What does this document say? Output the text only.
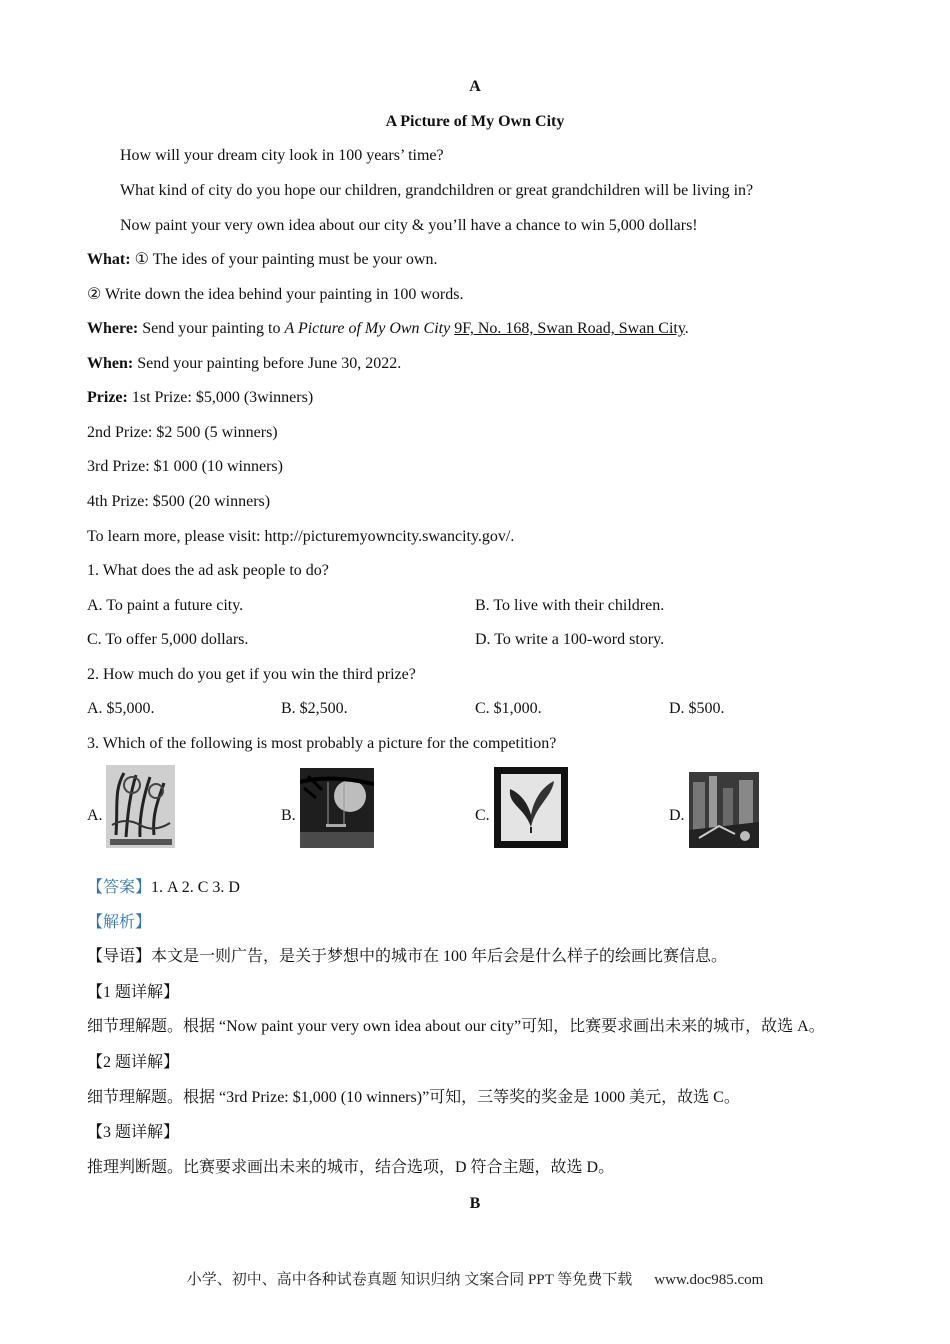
A
A Picture of My Own City
How will your dream city look in 100 years’ time?
What kind of city do you hope our children, grandchildren or great grandchildren will be living in?
Now paint your very own idea about our city & you’ll have a chance to win 5,000 dollars!
What: ① The ides of your painting must be your own.
② Write down the idea behind your painting in 100 words.
Where: Send your painting to A Picture of My Own City 9F, No. 168, Swan Road, Swan City.
When: Send your painting before June 30, 2022.
Prize: 1st Prize: $5,000 (3winners)
2nd Prize: $2 500 (5 winners)
3rd Prize: $1 000 (10 winners)
4th Prize: $500 (20 winners)
To learn more, please visit: http://picturemyowncity.swancity.gov/.
1. What does the ad ask people to do?
A. To paint a future city.	B. To live with their children.
C. To offer 5,000 dollars.	D. To write a 100-word story.
2. How much do you get if you win the third prize?
A. $5,000.	B. $2,500.	C. $1,000.	D. $500.
3. Which of the following is most probably a picture for the competition?
A.	B.	C.	D.
【答案】1. A 2. C 3. D
【解析】
【导语】本文是一则广告，是关于梦想中的城市在 100 年后会是什么样子的绘画比赛信息。
【1 题详解】
细节理解题。根据 “Now paint your very own idea about our city”可知，比赛要求画出未来的城市，故选 A。
【2 题详解】
细节理解题。根据 “3rd Prize: $1,000 (10 winners)”可知，三等奖的奖金是 1000 美元，故选 C。
【3 题详解】
推理判断题。比赛要求画出未来的城市，结合选项，D 符合主题，故选 D。
B
小学、初中、高中各种试卷真题 知识归纳 文案合同 PPT 等免费下载 www.doc985.com
